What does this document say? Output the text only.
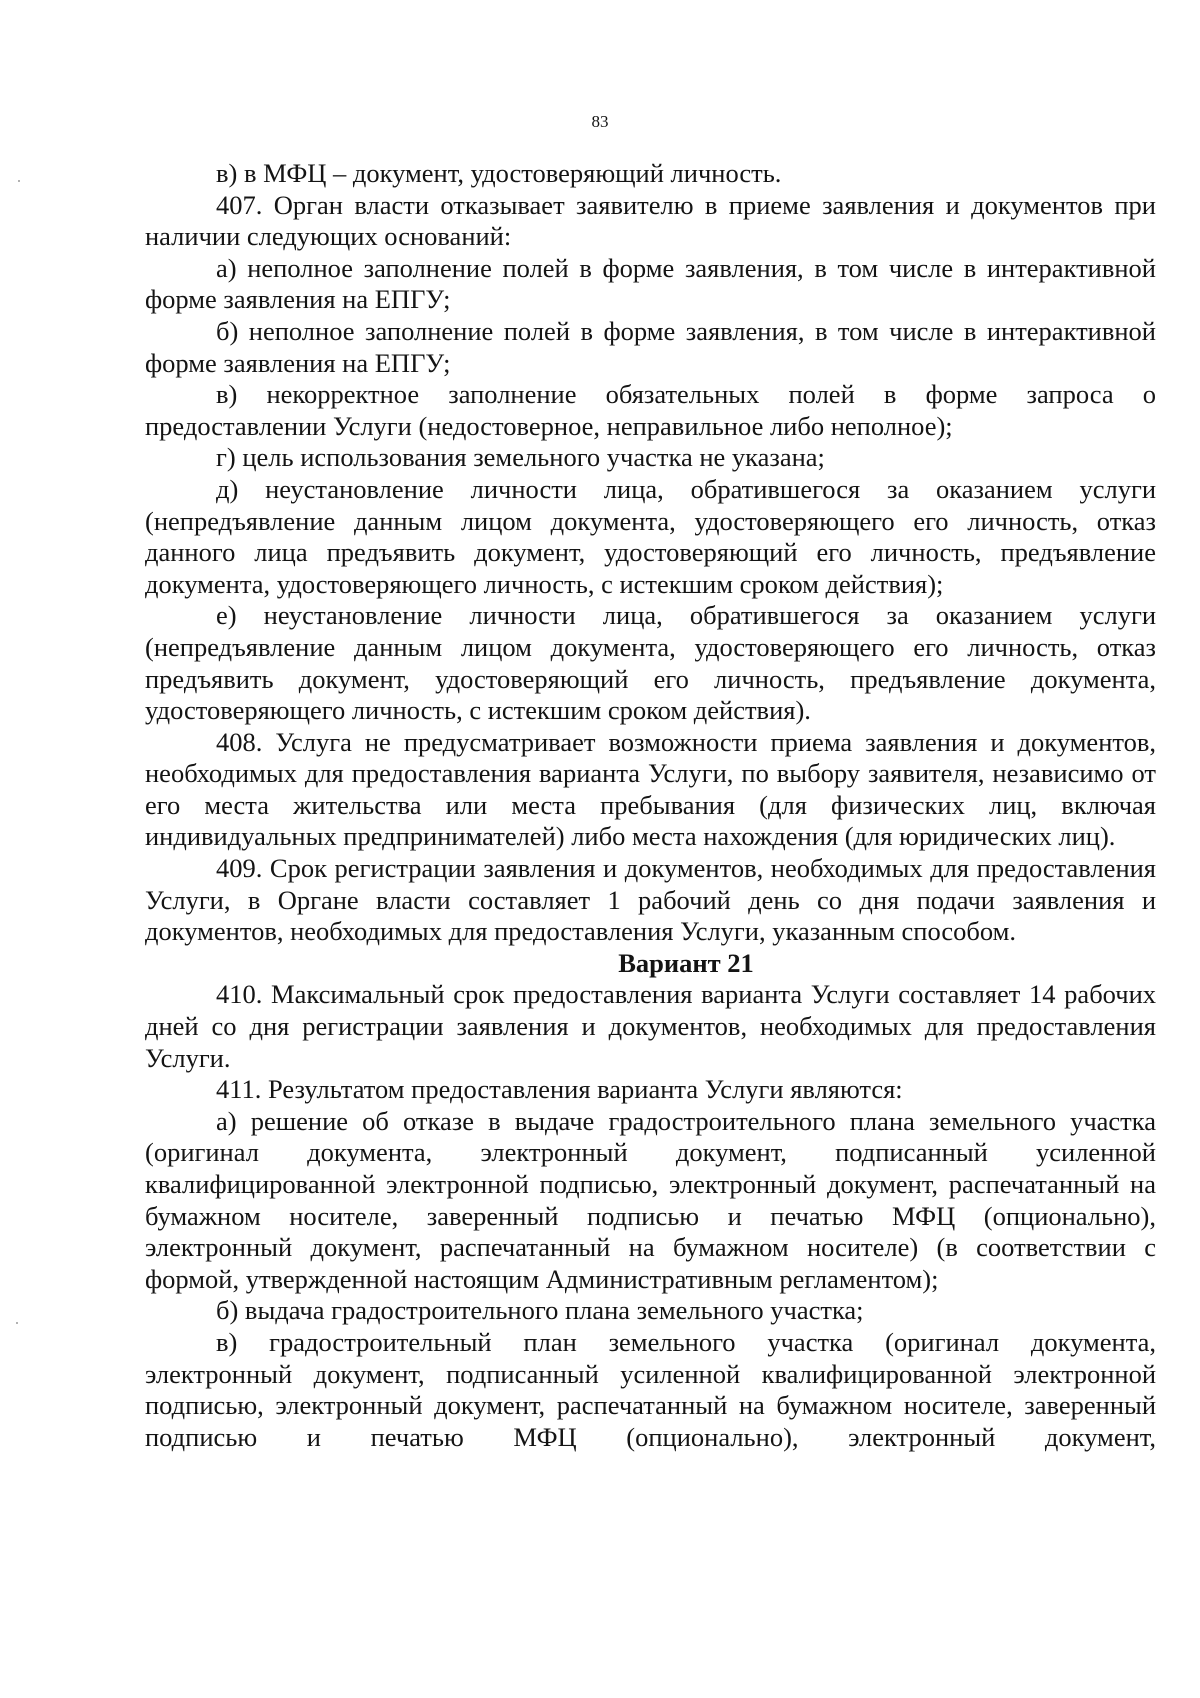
83

в) в МФЦ – документ, удостоверяющий личность.

407. Орган власти отказывает заявителю в приеме заявления и документов при наличии следующих оснований:

а) неполное заполнение полей в форме заявления, в том числе в интерактивной форме заявления на ЕПГУ;

б) неполное заполнение полей в форме заявления, в том числе в интерактивной форме заявления на ЕПГУ;

в) некорректное заполнение обязательных полей в форме запроса о предоставлении Услуги (недостоверное, неправильное либо неполное);

г) цель использования земельного участка не указана;

д) неустановление личности лица, обратившегося за оказанием услуги (непредъявление данным лицом документа, удостоверяющего его личность, отказ данного лица предъявить документ, удостоверяющий его личность, предъявление документа, удостоверяющего личность, с истекшим сроком действия);

е) неустановление личности лица, обратившегося за оказанием услуги (непредъявление данным лицом документа, удостоверяющего его личность, отказ предъявить документ, удостоверяющий его личность, предъявление документа, удостоверяющего личность, с истекшим сроком действия).

408. Услуга не предусматривает возможности приема заявления и документов, необходимых для предоставления варианта Услуги, по выбору заявителя, независимо от его места жительства или места пребывания (для физических лиц, включая индивидуальных предпринимателей) либо места нахождения (для юридических лиц).

409. Срок регистрации заявления и документов, необходимых для предоставления Услуги, в Органе власти составляет 1 рабочий день со дня подачи заявления и документов, необходимых для предоставления Услуги, указанным способом.

Вариант 21

410. Максимальный срок предоставления варианта Услуги составляет 14 рабочих дней со дня регистрации заявления и документов, необходимых для предоставления Услуги.

411. Результатом предоставления варианта Услуги являются:

а) решение об отказе в выдаче градостроительного плана земельного участка (оригинал документа, электронный документ, подписанный усиленной квалифицированной электронной подписью, электронный документ, распечатанный на бумажном носителе, заверенный подписью и печатью МФЦ (опционально), электронный документ, распечатанный на бумажном носителе) (в соответствии с формой, утвержденной настоящим Административным регламентом);

б) выдача градостроительного плана земельного участка;

в) градостроительный план земельного участка (оригинал документа, электронный документ, подписанный усиленной квалифицированной электронной подписью, электронный документ, распечатанный на бумажном носителе, заверенный подписью и печатью МФЦ (опционально), электронный документ,
